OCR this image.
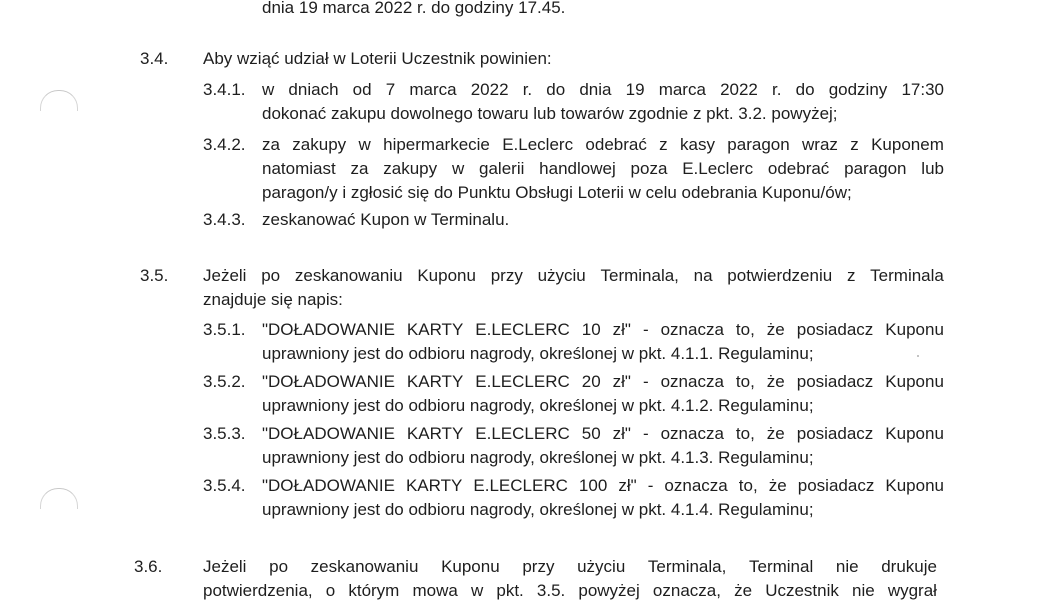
dnia 19 marca 2022 r. do godziny 17.45.
3.4. Aby wziąć udział w Loterii Uczestnik powinien:
3.4.1. w dniach od 7 marca 2022 r. do dnia 19 marca 2022 r. do godziny 17:30
dokonać zakupu dowolnego towaru lub towarów zgodnie z pkt. 3.2. powyżej;
3.4.2. za zakupy w hipermarkecie E.Leclerc odebrać z kasy paragon wraz z Kuponem
natomiast za zakupy w galerii handlowej poza E.Leclerc odebrać paragon lub
paragon/y i zgłosić się do Punktu Obsługi Loterii w celu odebrania Kuponu/ów;
3.4.3. zeskanować Kupon w Terminalu.
3.5. Jeżeli po zeskanowaniu Kuponu przy użyciu Terminala, na potwierdzeniu z Terminala
znajduje się napis:
3.5.1. "DOŁADOWANIE KARTY E.LECLERC 10 zł" - oznacza to, że posiadacz Kuponu
uprawniony jest do odbioru nagrody, określonej w pkt. 4.1.1. Regulaminu;
3.5.2. "DOŁADOWANIE KARTY E.LECLERC 20 zł" - oznacza to, że posiadacz Kuponu
uprawniony jest do odbioru nagrody, określonej w pkt. 4.1.2. Regulaminu;
3.5.3. "DOŁADOWANIE KARTY E.LECLERC 50 zł" - oznacza to, że posiadacz Kuponu
uprawniony jest do odbioru nagrody, określonej w pkt. 4.1.3. Regulaminu;
3.5.4. "DOŁADOWANIE KARTY E.LECLERC 100 zł" - oznacza to, że posiadacz Kuponu
uprawniony jest do odbioru nagrody, określonej w pkt. 4.1.4. Regulaminu;
3.6. Jeżeli po zeskanowaniu Kuponu przy użyciu Terminala, Terminal nie drukuje
potwierdzenia, o którym mowa w pkt. 3.5. powyżej oznacza, że Uczestnik nie wygrał
